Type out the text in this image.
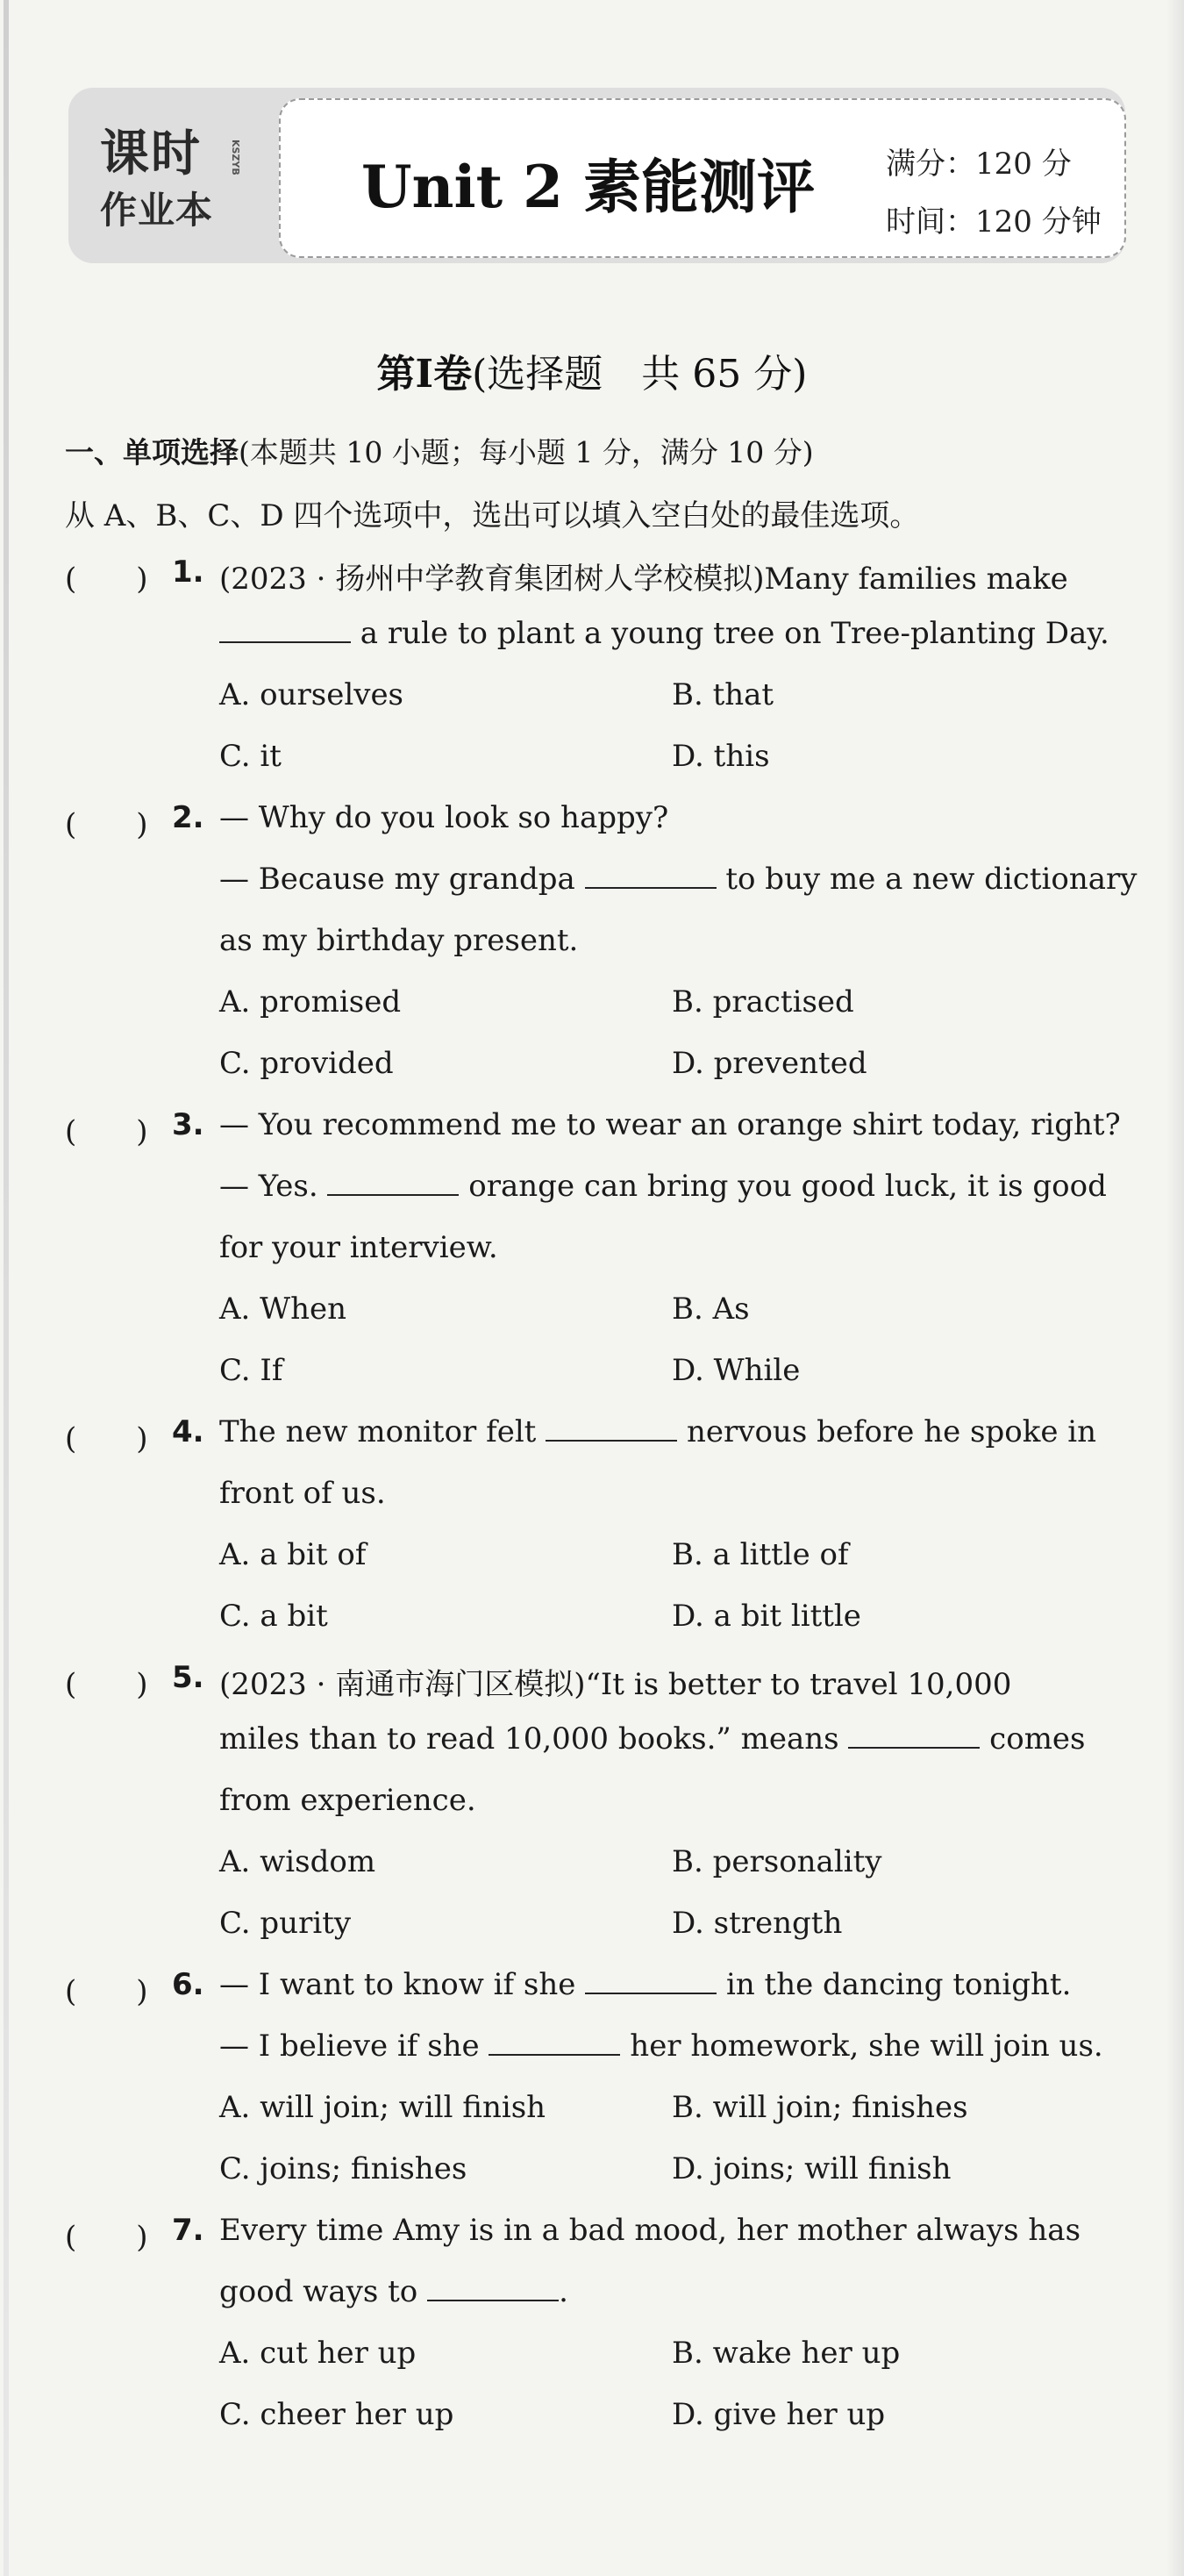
课时
作业本
KSZYB Unit 2 素能测评 满分：120 分
时间：120 分钟
第Ⅰ卷(选择题　共 65 分)
一、单项选择(本题共 10 小题；每小题 1 分，满分 10 分)
从 A、B、C、D 四个选项中，选出可以填入空白处的最佳选项。
(　　) 1. (2023 · 扬州中学教育集团树人学校模拟)Many families make
a rule to plant a young tree on Tree-planting Day.
A. ourselves	B. that
C. it	D. this
(　　) 2. — Why do you look so happy?
— Because my grandpa	to buy me a new dictionary
as my birthday present.
A. promised	B. practised
C. provided	D. prevented
(　　) 3. — You recommend me to wear an orange shirt today, right?
— Yes.	orange can bring you good luck, it is good
for your interview.
A. When	B. As
C. If	D. While
(　　) 4. The new monitor felt	nervous before he spoke in
front of us.
A. a bit of	B. a little of
C. a bit	D. a bit little
(　　) 5. (2023 · 南通市海门区模拟)“It is better to travel 10,000
miles than to read 10,000 books.” means	comes
from experience.
A. wisdom	B. personality
C. purity	D. strength
(　　) 6. — I want to know if she	in the dancing tonight.
— I believe if she	her homework, she will join us.
A. will join; will finish	B. will join; finishes
C. joins; finishes	D. joins; will finish
(　　) 7. Every time Amy is in a bad mood, her mother always has
good ways to	.
A. cut her up	B. wake her up
C. cheer her up	D. give her up
